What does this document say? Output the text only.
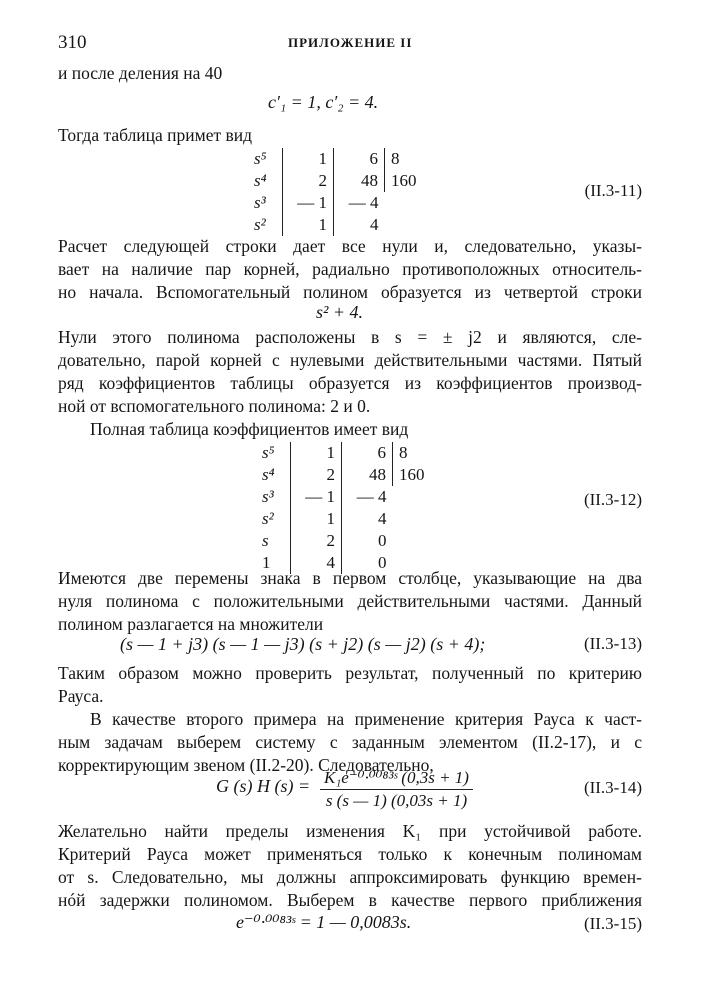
310	ПРИЛОЖЕНИЕ II
и после деления на 40
c′₁ = 1, c′₂ = 4.
Тогда таблица примет вид
s⁵	1	6	8
s⁴	2	48	160
s³	— 1	— 4	
s²	1	4	
(II.3-11)
Расчет следующей строки дает все нули и, следовательно, указы-
вает на наличие пар корней, радиально противоположных относитель-
но начала. Вспомогательный полином образуется из четвертой строки
s² + 4.
Нули этого полинома расположены в s = ± j2 и являются, сле-
довательно, парой корней с нулевыми действительными частями. Пятый
ряд коэффициентов таблицы образуется из коэффициентов производ-
ной от вспомогательного полинома: 2 и 0.
Полная таблица коэффициентов имеет вид
s⁵	1	6	8
s⁴	2	48	160
s³	— 1	— 4	
s²	1	4	
s	2	0	
1	4	0	
(II.3-12)
Имеются две перемены знака в первом столбце, указывающие на два
нуля полинома с положительными действительными частями. Данный
полином разлагается на множители
(s — 1 + j3) (s — 1 — j3) (s + j2) (s — j2) (s + 4);	(II.3-13)
Таким образом можно проверить результат, полученный по критерию
Рауса.
В качестве второго примера на применение критерия Рауса к част-
ным задачам выберем систему с заданным элементом (II.2-17), и с
корректирующим звеном (II.2-20). Следовательно,
G (s) H $(s) = \frac{\text{K₁e⁻⁰·⁰⁰⁸³ˢ (0,3s + 1)}}{s (s — 1) (0,03s + 1)}$	(II.3-14)
Желательно найти пределы изменения K₁ при устойчивой работе.
Критерий Рауса может применяться только к конечным полиномам
от s. Следовательно, мы должны аппроксимировать функцию времен-
нóй задержки полиномом. Выберем в качестве первого приближения
e⁻⁰·⁰⁰⁸³ˢ = 1 — 0,0083s.	(II.3-15)
